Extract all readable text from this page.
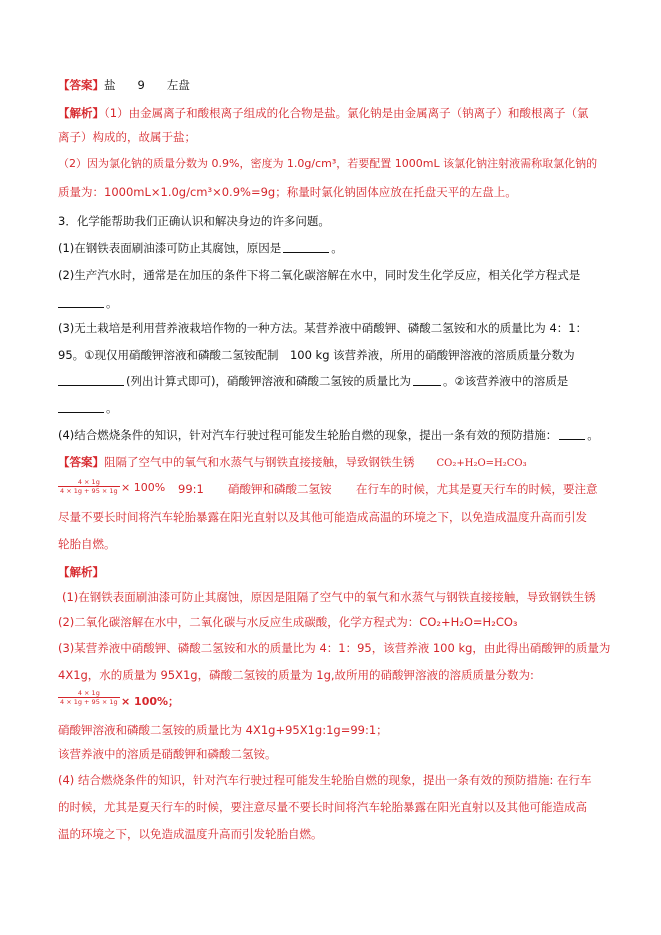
【答案】盐 9 左盘
【解析】（1）由金属离子和酸根离子组成的化合物是盐。氯化钠是由金属离子（钠离子）和酸根离子（氯
离子）构成的，故属于盐；
（2）因为氯化钠的质量分数为 0.9%，密度为 1.0g/cm³，若要配置 1000mL 该氯化钠注射液需称取氯化钠的
质量为：1000mL×1.0g/cm³×0.9%=9g；称量时氯化钠固体应放在托盘天平的左盘上。
3．化学能帮助我们正确认识和解决身边的许多问题。
(1)在钢铁表面刷油漆可防止其腐蚀，原因是	。
(2)生产汽水时，通常是在加压的条件下将二氧化碳溶解在水中，同时发生化学反应，相关化学方程式是
。
(3)无土栽培是利用营养液栽培作物的一种方法。某营养液中硝酸钾、磷酸二氢铵和水的质量比为 4：1：
95。①现仅用硝酸钾溶液和磷酸二氢铵配制　100 kg 该营养液，所用的硝酸钾溶液的溶质质量分数为
(列出计算式即可)，硝酸钾溶液和磷酸二氢铵的质量比为	。②该营养液中的溶质是
。
(4)结合燃烧条件的知识，针对汽车行驶过程可能发生轮胎自燃的现象，提出一条有效的预防措施：	。
【答案】阻隔了空气中的氧气和水蒸气与钢铁直接接触，导致钢铁生锈 CO₂+H₂O=H₂CO₃
$\frac{4 \times 1g}{4 \times 1g + 95 \times 1g} \times 100\%$ 99:1 硝酸钾和磷酸二氢铵 在行车的时候，尤其是夏天行车的时候，要注意
尽量不要长时间将汽车轮胎暴露在阳光直射以及其他可能造成高温的环境之下，以免造成温度升高而引发
轮胎自燃。
【解析】
(1)在钢铁表面刷油漆可防止其腐蚀，原因是阻隔了空气中的氧气和水蒸气与钢铁直接接触，导致钢铁生锈
(2)二氧化碳溶解在水中，二氧化碳与水反应生成碳酸，化学方程式为：CO₂+H₂O=H₂CO₃
(3)某营养液中硝酸钾、磷酸二氢铵和水的质量比为 4：1：95，该营养液 100 kg，由此得出硝酸钾的质量为
4X1g，水的质量为 95X1g，磷酸二氢铵的质量为 1g,故所用的硝酸钾溶液的溶质质量分数为:
$\frac{4 \times 1g}{4 \times 1g + 95 \times 1g} \times 100\%$；
硝酸钾溶液和磷酸二氢铵的质量比为 4X1g+95X1g:1g=99:1；
该营养液中的溶质是硝酸钾和磷酸二氢铵。
(4) 结合燃烧条件的知识，针对汽车行驶过程可能发生轮胎自燃的现象，提出一条有效的预防措施: 在行车
的时候，尤其是夏天行车的时候，要注意尽量不要长时间将汽车轮胎暴露在阳光直射以及其他可能造成高
温的环境之下，以免造成温度升高而引发轮胎自燃。
